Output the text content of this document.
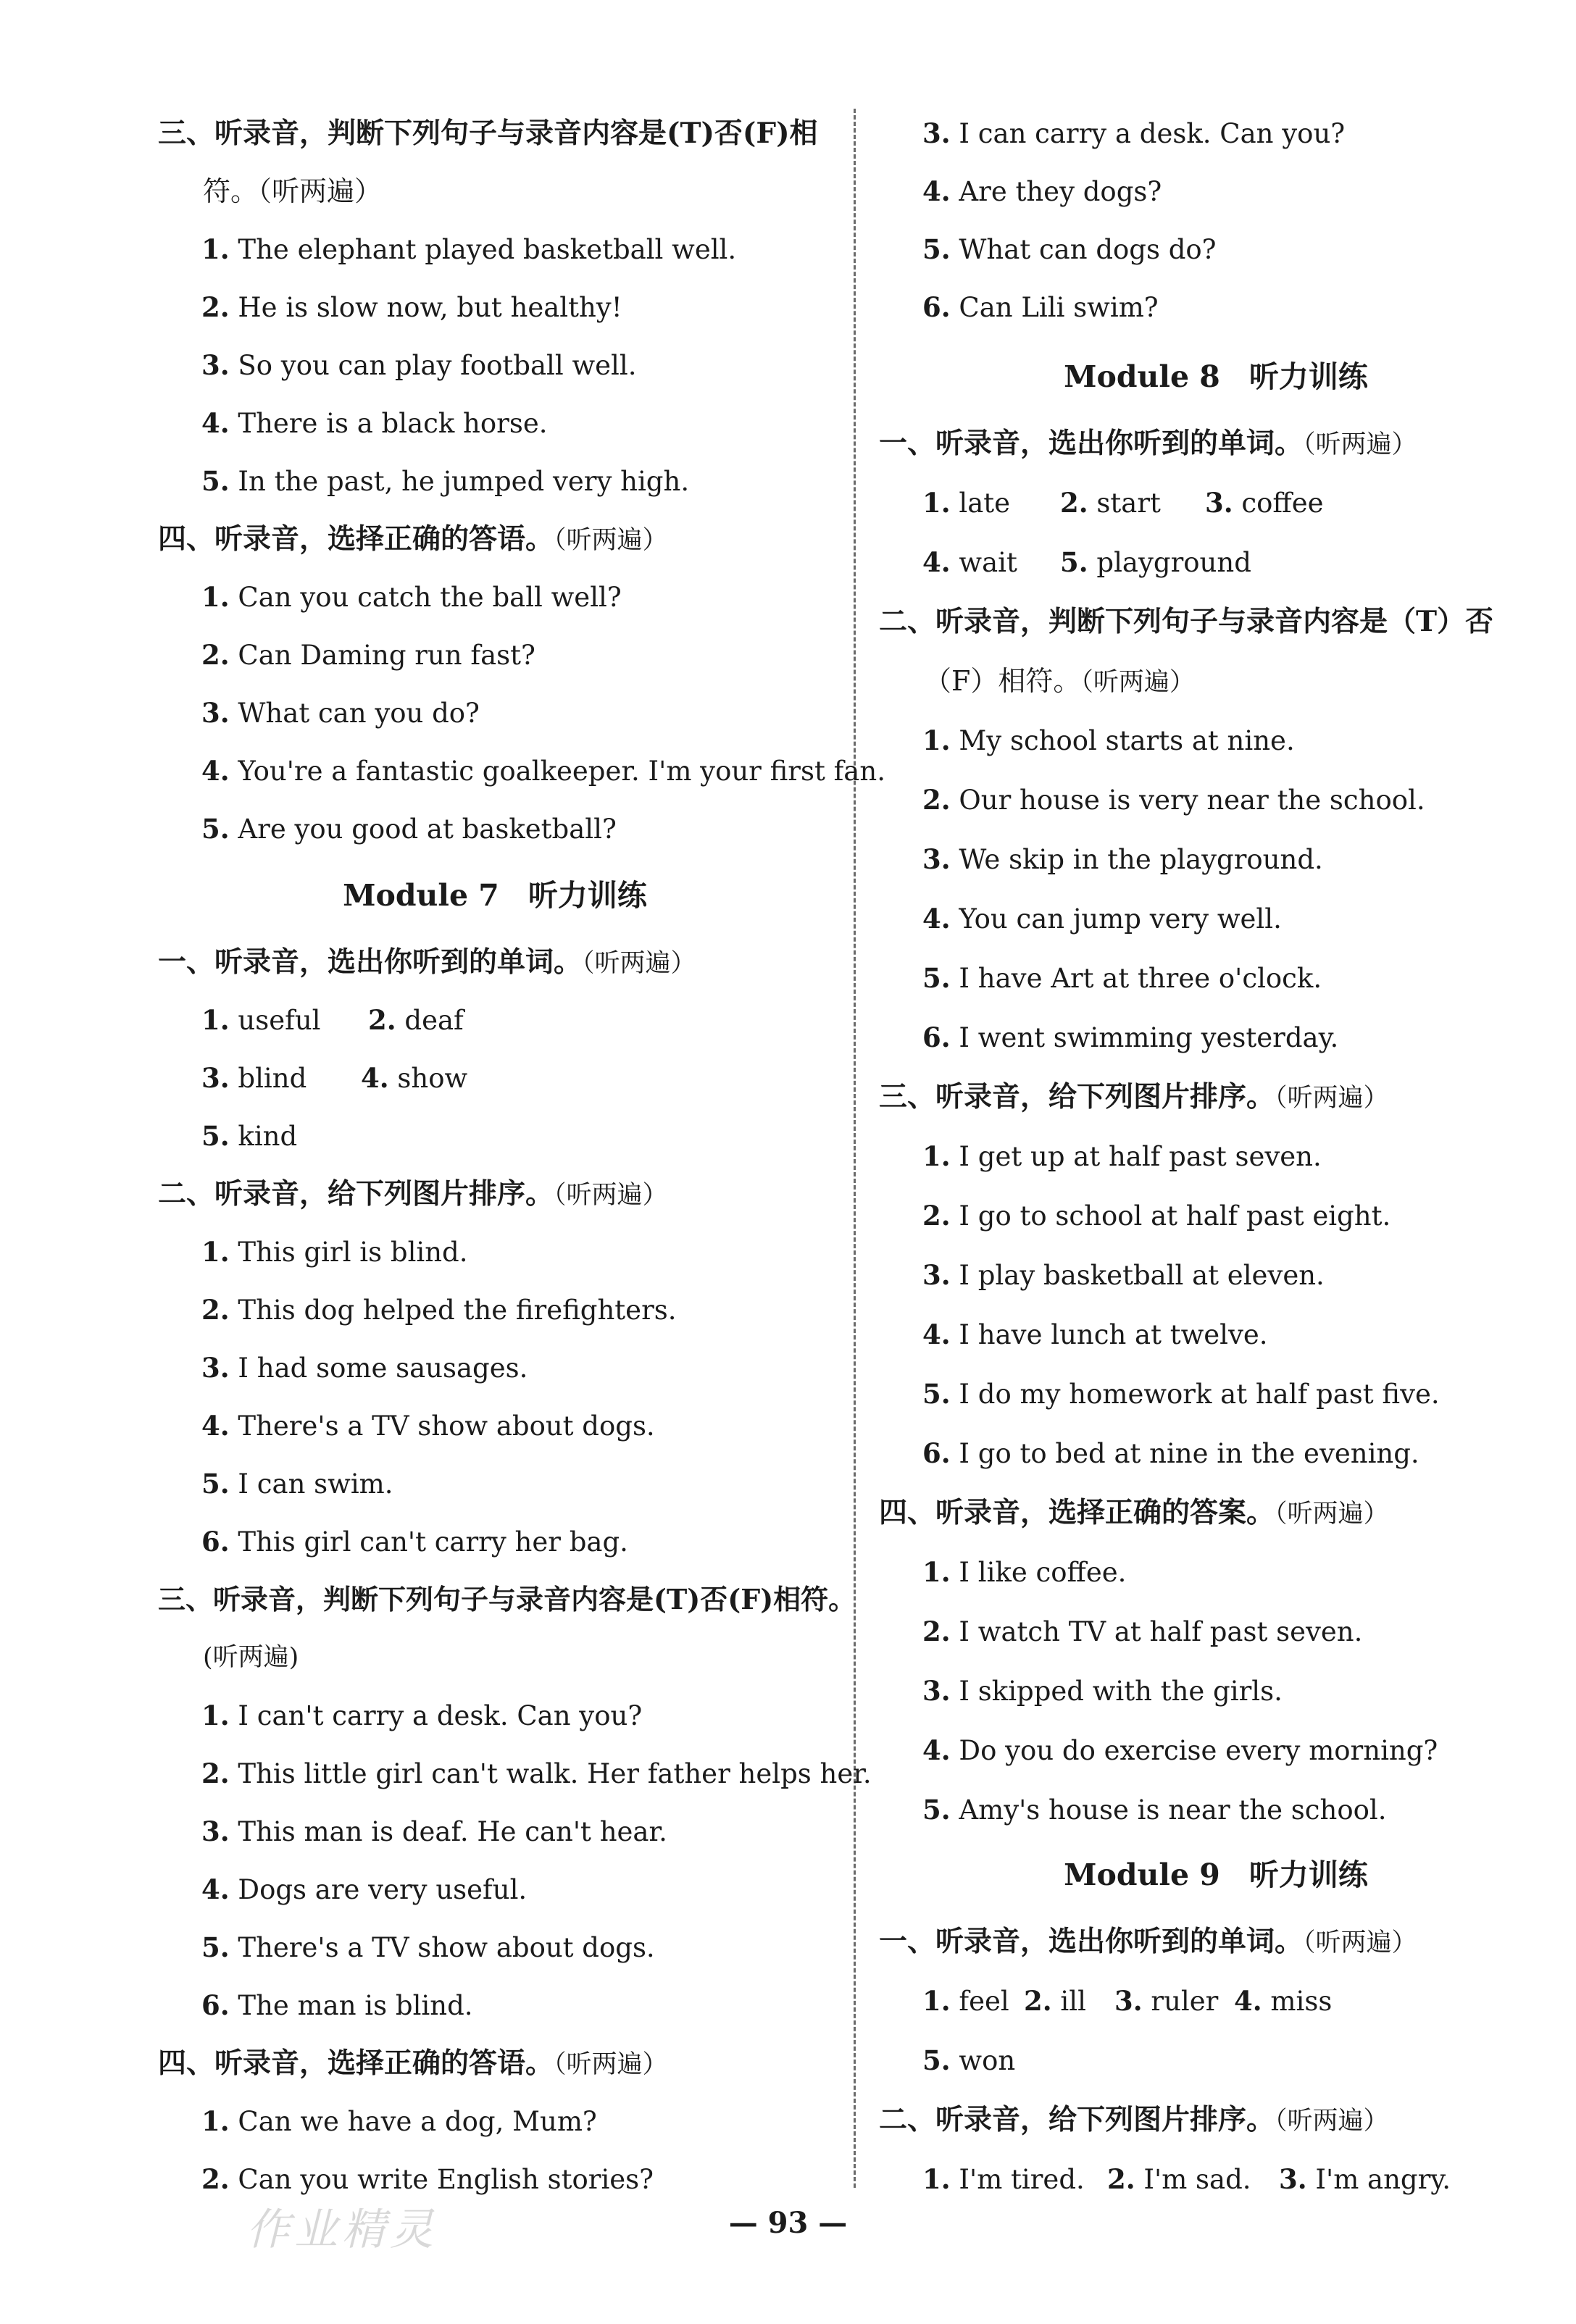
三、听录音，判断下列句子与录音内容是(T)否(F)相
符。（听两遍）
1. The elephant played basketball well.
2. He is slow now, but healthy!
3. So you can play football well.
4. There is a black horse.
5. In the past, he jumped very high.
四、听录音，选择正确的答语。（听两遍）
1. Can you catch the ball well?
2. Can Daming run fast?
3. What can you do?
4. You're a fantastic goalkeeper. I'm your first fan.
5. Are you good at basketball?
Module 7 听力训练
一、听录音，选出你听到的单词。（听两遍）
1. useful 2. deaf
3. blind 4. show
5. kind
二、听录音，给下列图片排序。（听两遍）
1. This girl is blind.
2. This dog helped the firefighters.
3. I had some sausages.
4. There's a TV show about dogs.
5. I can swim.
6. This girl can't carry her bag.
三、听录音，判断下列句子与录音内容是(T)否(F)相符。
(听两遍)
1. I can't carry a desk. Can you?
2. This little girl can't walk. Her father helps her.
3. This man is deaf. He can't hear.
4. Dogs are very useful.
5. There's a TV show about dogs.
6. The man is blind.
四、听录音，选择正确的答语。（听两遍）
1. Can we have a dog, Mum?
2. Can you write English stories?
3. I can carry a desk. Can you?
4. Are they dogs?
5. What can dogs do?
6. Can Lili swim?
Module 8 听力训练
一、听录音，选出你听到的单词。（听两遍）
1. late 2. start 3. coffee
4. wait 5. playground
二、听录音，判断下列句子与录音内容是（T）否
（F）相符。（听两遍）
1. My school starts at nine.
2. Our house is very near the school.
3. We skip in the playground.
4. You can jump very well.
5. I have Art at three o'clock.
6. I went swimming yesterday.
三、听录音，给下列图片排序。（听两遍）
1. I get up at half past seven.
2. I go to school at half past eight.
3. I play basketball at eleven.
4. I have lunch at twelve.
5. I do my homework at half past five.
6. I go to bed at nine in the evening.
四、听录音，选择正确的答案。（听两遍）
1. I like coffee.
2. I watch TV at half past seven.
3. I skipped with the girls.
4. Do you do exercise every morning?
5. Amy's house is near the school.
Module 9 听力训练
一、听录音，选出你听到的单词。（听两遍）
1. feel 2. ill 3. ruler 4. miss
5. won
二、听录音，给下列图片排序。（听两遍）
1. I'm tired. 2. I'm sad. 3. I'm angry.
— 93 —
作业精灵
